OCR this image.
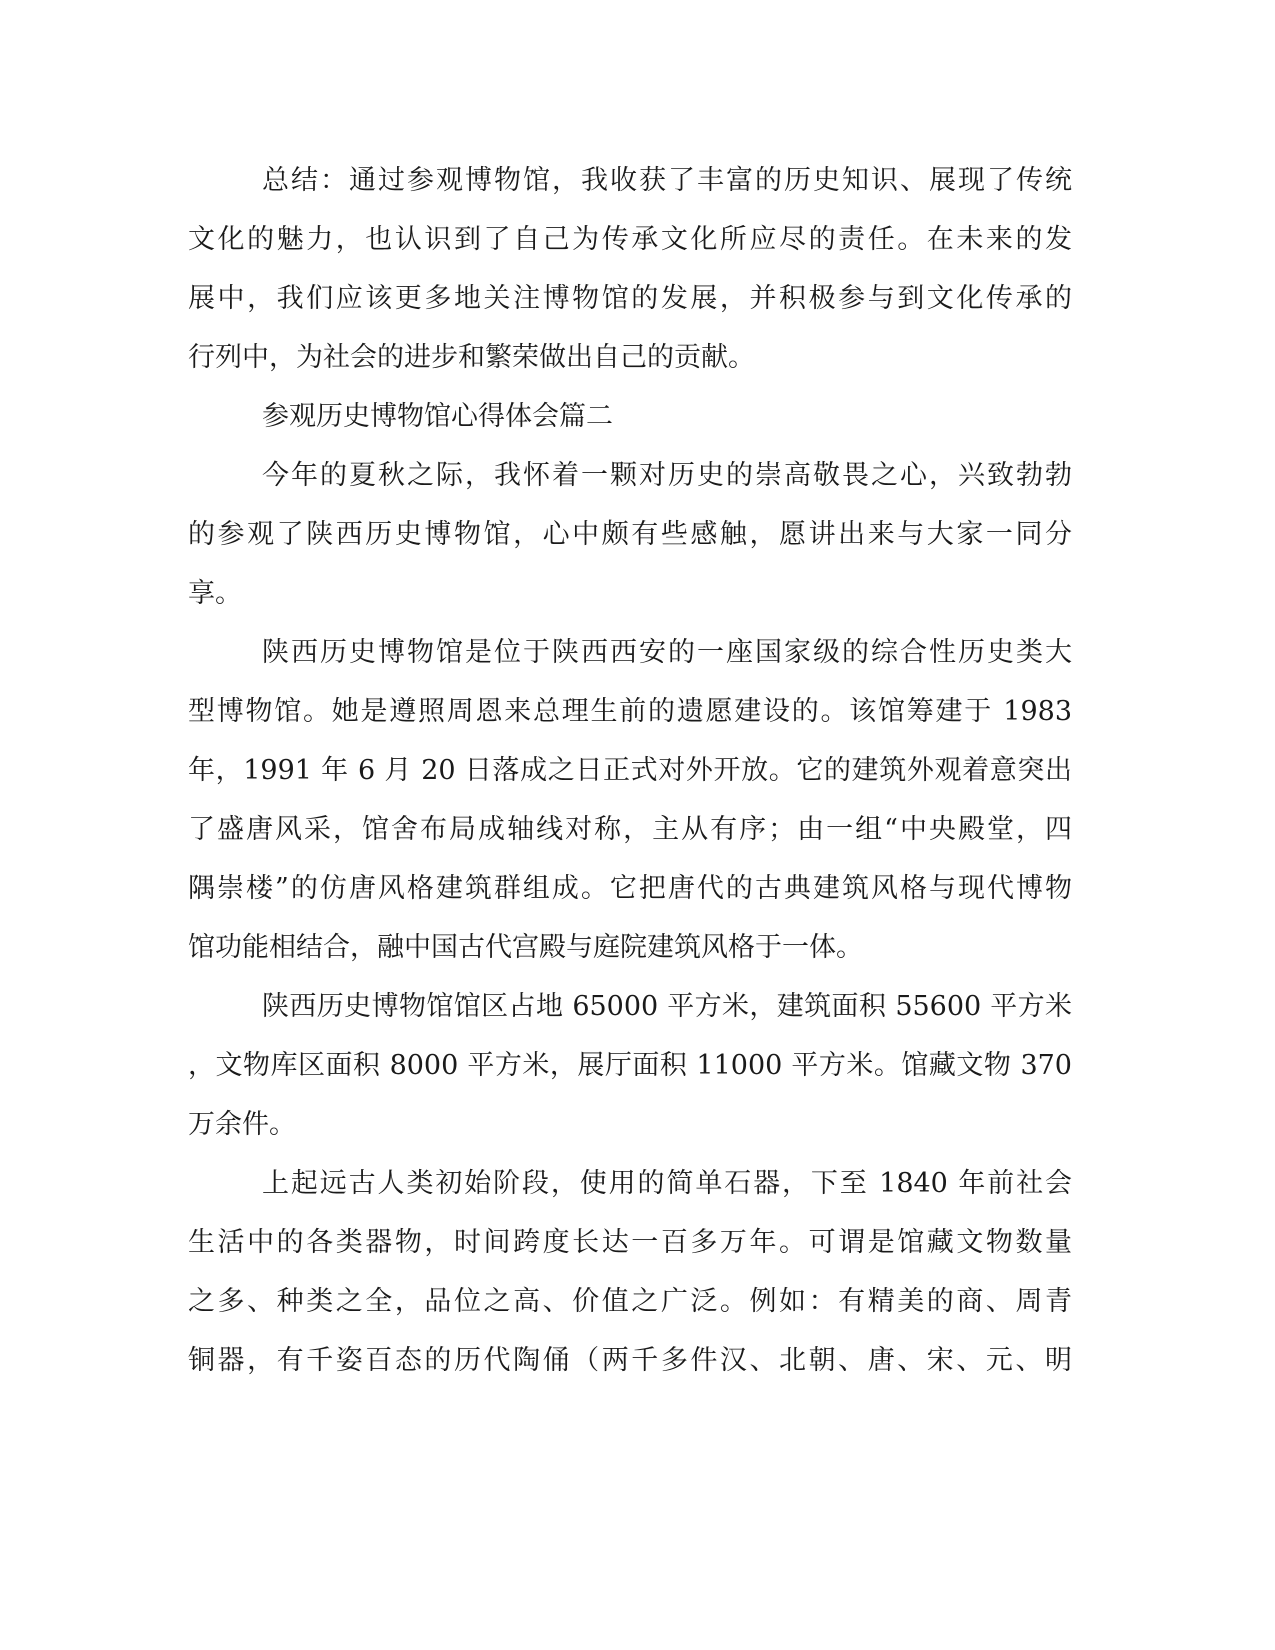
总结：通过参观博物馆，我收获了丰富的历史知识、展现了传统

文化的魅力，也认识到了自己为传承文化所应尽的责任。在未来的发

展中，我们应该更多地关注博物馆的发展，并积极参与到文化传承的

行列中，为社会的进步和繁荣做出自己的贡献。

参观历史博物馆心得体会篇二

今年的夏秋之际，我怀着一颗对历史的崇高敬畏之心，兴致勃勃

的参观了陕西历史博物馆，心中颇有些感触，愿讲出来与大家一同分

享。

陕西历史博物馆是位于陕西西安的一座国家级的综合性历史类大

型博物馆。她是遵照周恩来总理生前的遗愿建设的。该馆筹建于 1983

年，1991 年 6 月 20 日落成之日正式对外开放。它的建筑外观着意突出

了盛唐风采，馆舍布局成轴线对称，主从有序；由一组“中央殿堂，四

隅崇楼”的仿唐风格建筑群组成。它把唐代的古典建筑风格与现代博物

馆功能相结合，融中国古代宫殿与庭院建筑风格于一体。

陕西历史博物馆馆区占地 65000 平方米，建筑面积 55600 平方米

，文物库区面积 8000 平方米，展厅面积 11000 平方米。馆藏文物 370

万余件。

上起远古人类初始阶段，使用的简单石器，下至 1840 年前社会

生活中的各类器物，时间跨度长达一百多万年。可谓是馆藏文物数量

之多、种类之全，品位之高、价值之广泛。例如：有精美的商、周青

铜器，有千姿百态的历代陶俑（两千多件汉、北朝、唐、宋、元、明
